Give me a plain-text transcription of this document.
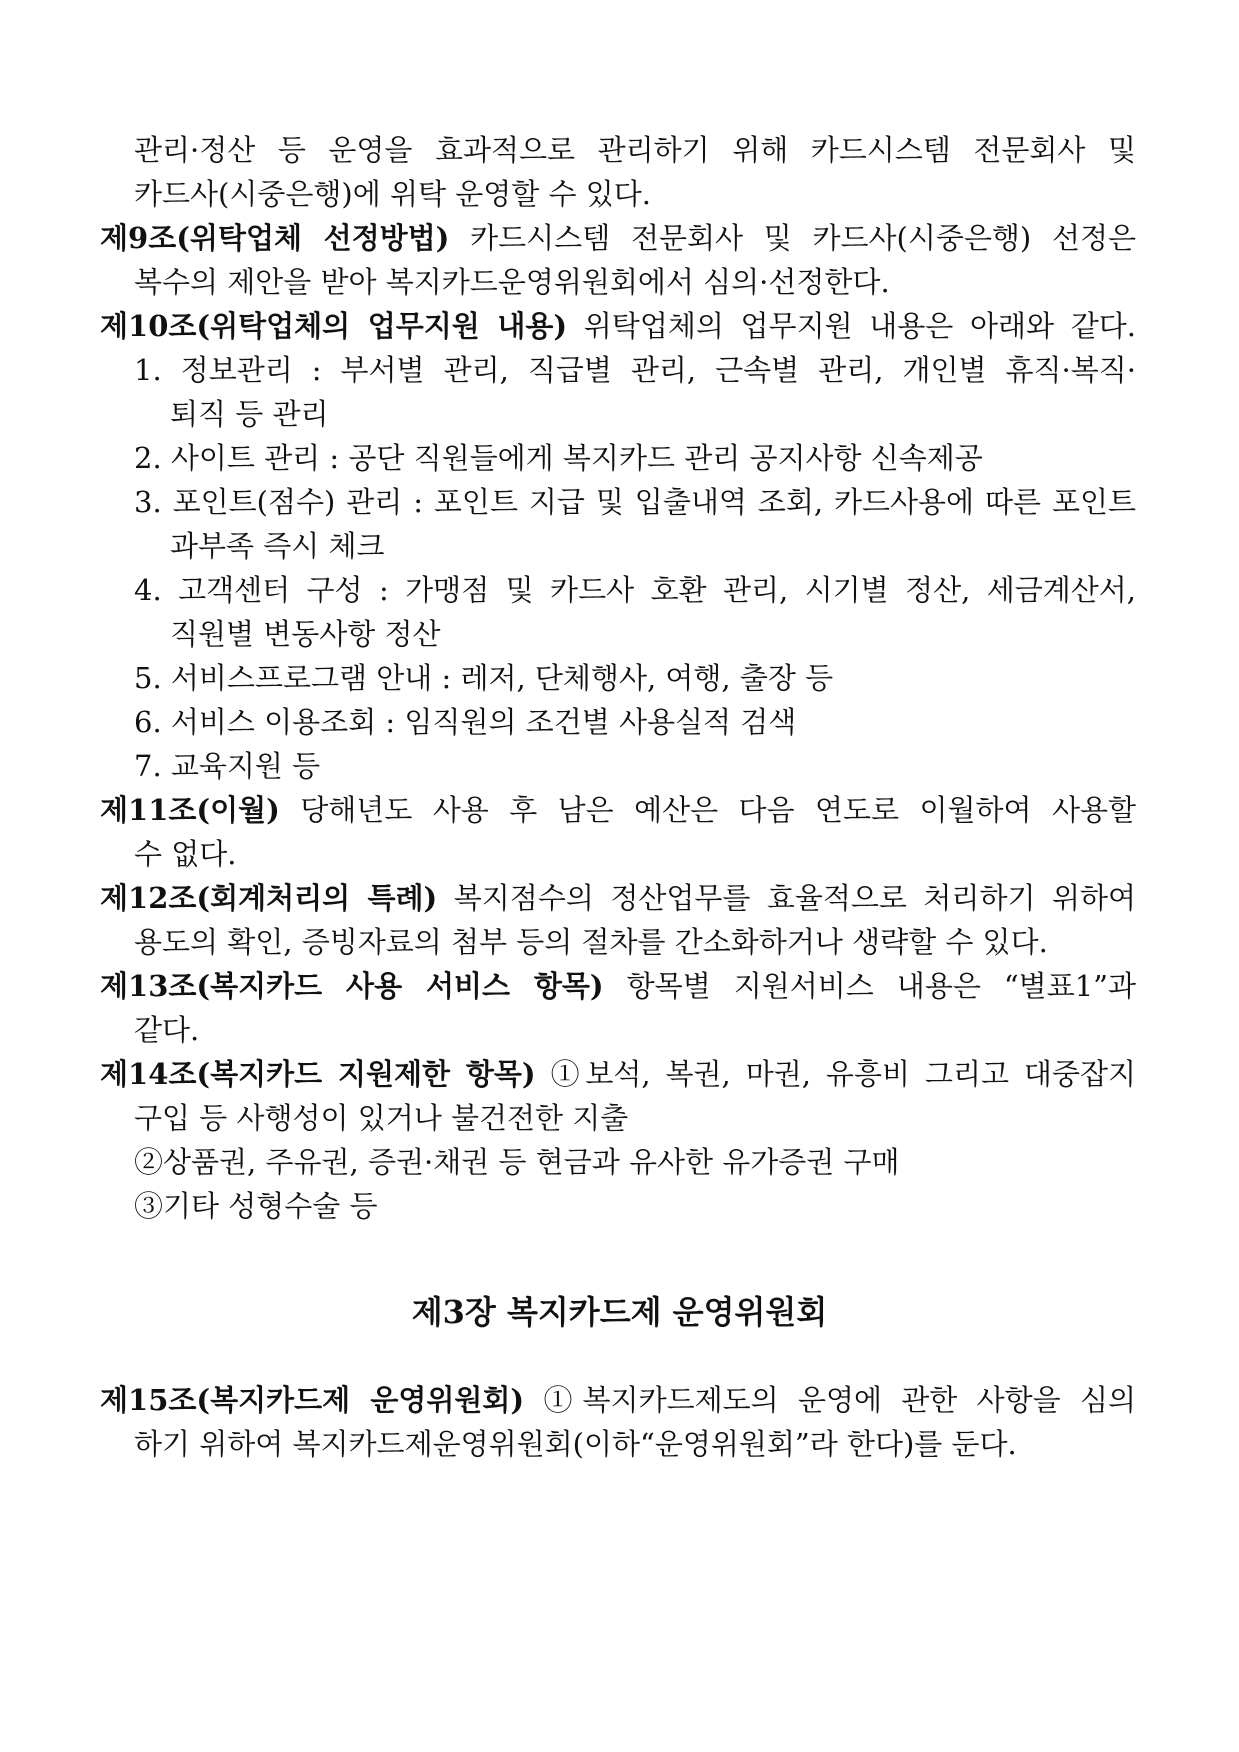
관리·정산 등 운영을 효과적으로 관리하기 위해 카드시스템 전문회사 및
카드사(시중은행)에 위탁 운영할 수 있다.
제9조(위탁업체 선정방법) 카드시스템 전문회사 및 카드사(시중은행) 선정은
복수의 제안을 받아 복지카드운영위원회에서 심의·선정한다.
제10조(위탁업체의 업무지원 내용) 위탁업체의 업무지원 내용은 아래와 같다.
1. 정보관리 : 부서별 관리, 직급별 관리, 근속별 관리, 개인별 휴직·복직·
퇴직 등 관리
2. 사이트 관리 : 공단 직원들에게 복지카드 관리 공지사항 신속제공
3. 포인트(점수) 관리 : 포인트 지급 및 입출내역 조회, 카드사용에 따른 포인트
과부족 즉시 체크
4. 고객센터 구성 : 가맹점 및 카드사 호환 관리, 시기별 정산, 세금계산서,
직원별 변동사항 정산
5. 서비스프로그램 안내 : 레저, 단체행사, 여행, 출장 등
6. 서비스 이용조회 : 임직원의 조건별 사용실적 검색
7. 교육지원 등
제11조(이월) 당해년도 사용 후 남은 예산은 다음 연도로 이월하여 사용할
수 없다.
제12조(회계처리의 특례) 복지점수의 정산업무를 효율적으로 처리하기 위하여
용도의 확인, 증빙자료의 첨부 등의 절차를 간소화하거나 생략할 수 있다.
제13조(복지카드 사용 서비스 항목) 항목별 지원서비스 내용은 “별표1”과
같다.
제14조(복지카드 지원제한 항목) ①보석, 복권, 마권, 유흥비 그리고 대중잡지
구입 등 사행성이 있거나 불건전한 지출
②상품권, 주유권, 증권·채권 등 현금과 유사한 유가증권 구매
③기타 성형수술 등
제3장 복지카드제 운영위원회
제15조(복지카드제 운영위원회) ①복지카드제도의 운영에 관한 사항을 심의
하기 위하여 복지카드제운영위원회(이하“운영위원회”라 한다)를 둔다.
